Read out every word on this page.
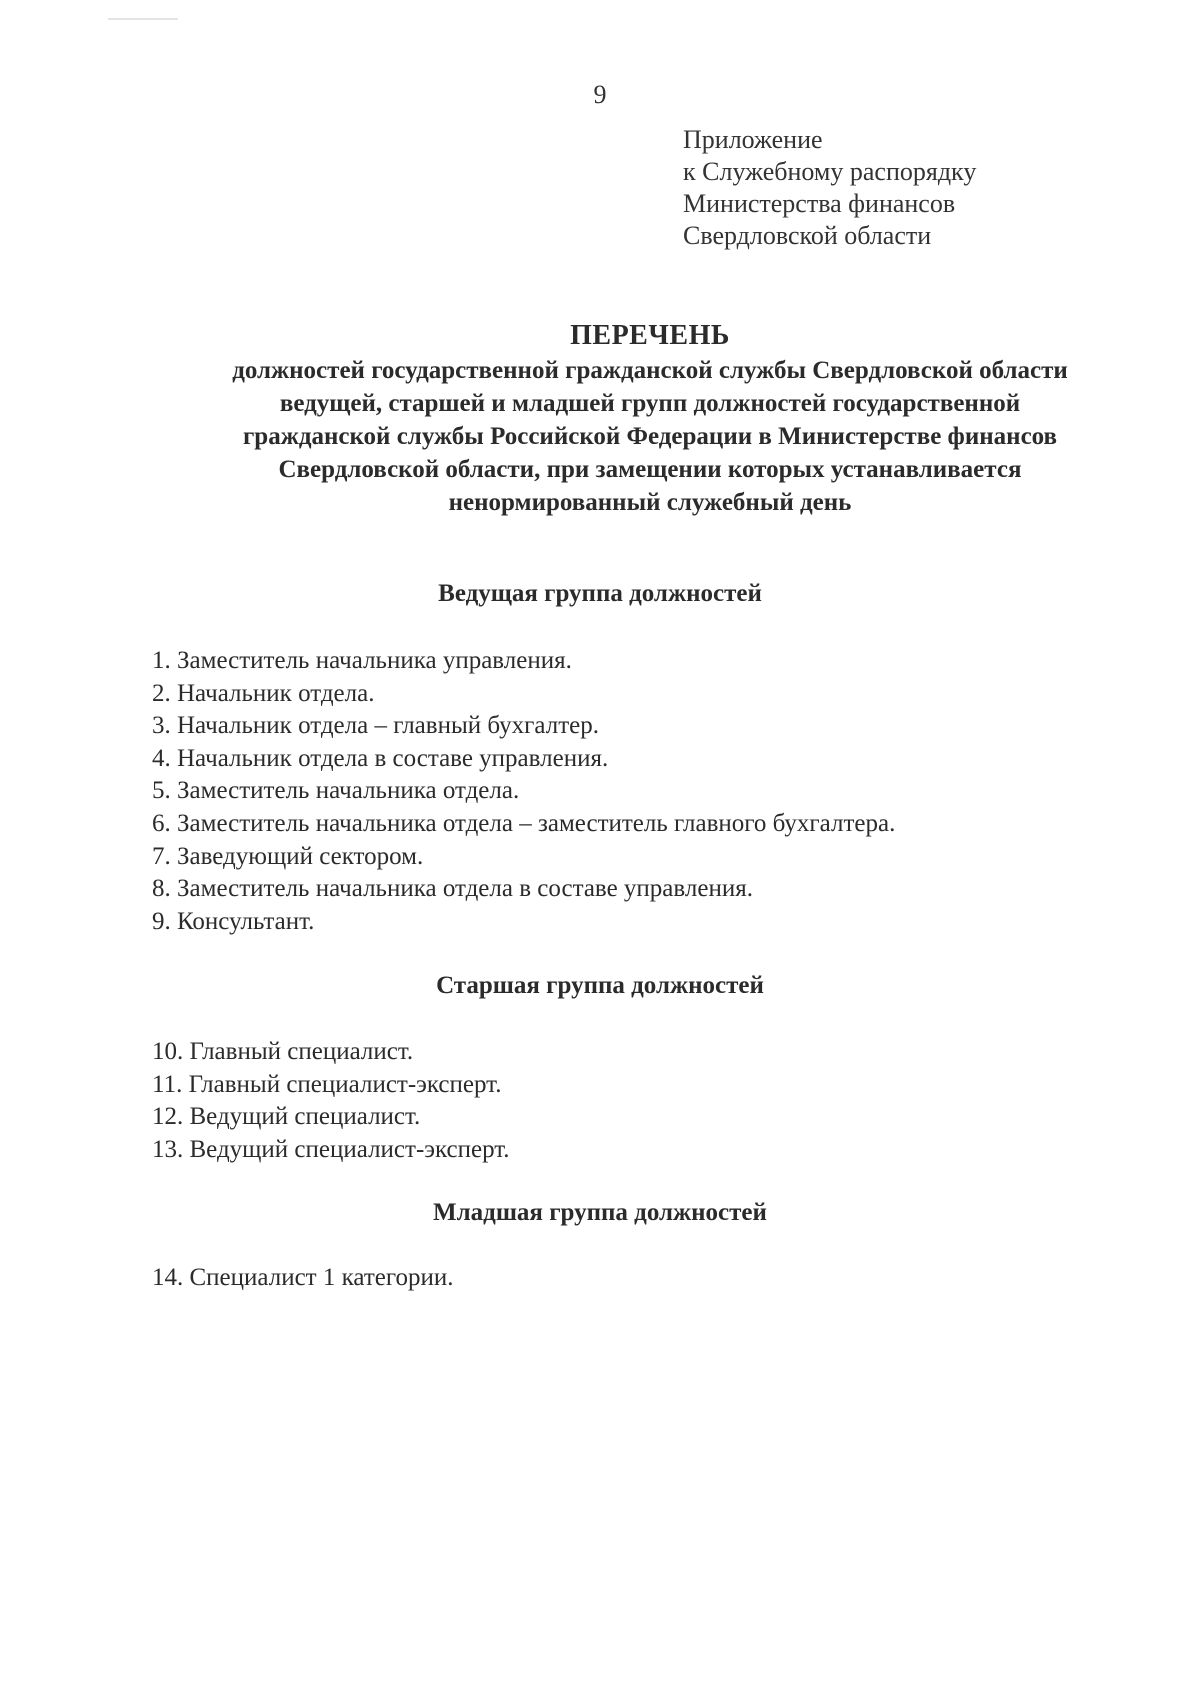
9
Приложение
к Служебному распорядку
Министерства финансов
Свердловской области
ПЕРЕЧЕНЬ
должностей государственной гражданской службы Свердловской области
ведущей, старшей и младшей групп должностей государственной
гражданской службы Российской Федерации в Министерстве финансов
Свердловской области, при замещении которых устанавливается
ненормированный служебный день
Ведущая группа должностей
1. Заместитель начальника управления.
2. Начальник отдела.
3. Начальник отдела – главный бухгалтер.
4. Начальник отдела в составе управления.
5. Заместитель начальника отдела.
6. Заместитель начальника отдела – заместитель главного бухгалтера.
7. Заведующий сектором.
8. Заместитель начальника отдела в составе управления.
9. Консультант.
Старшая группа должностей
10. Главный специалист.
11. Главный специалист-эксперт.
12. Ведущий специалист.
13. Ведущий специалист-эксперт.
Младшая группа должностей
14. Специалист 1 категории.
